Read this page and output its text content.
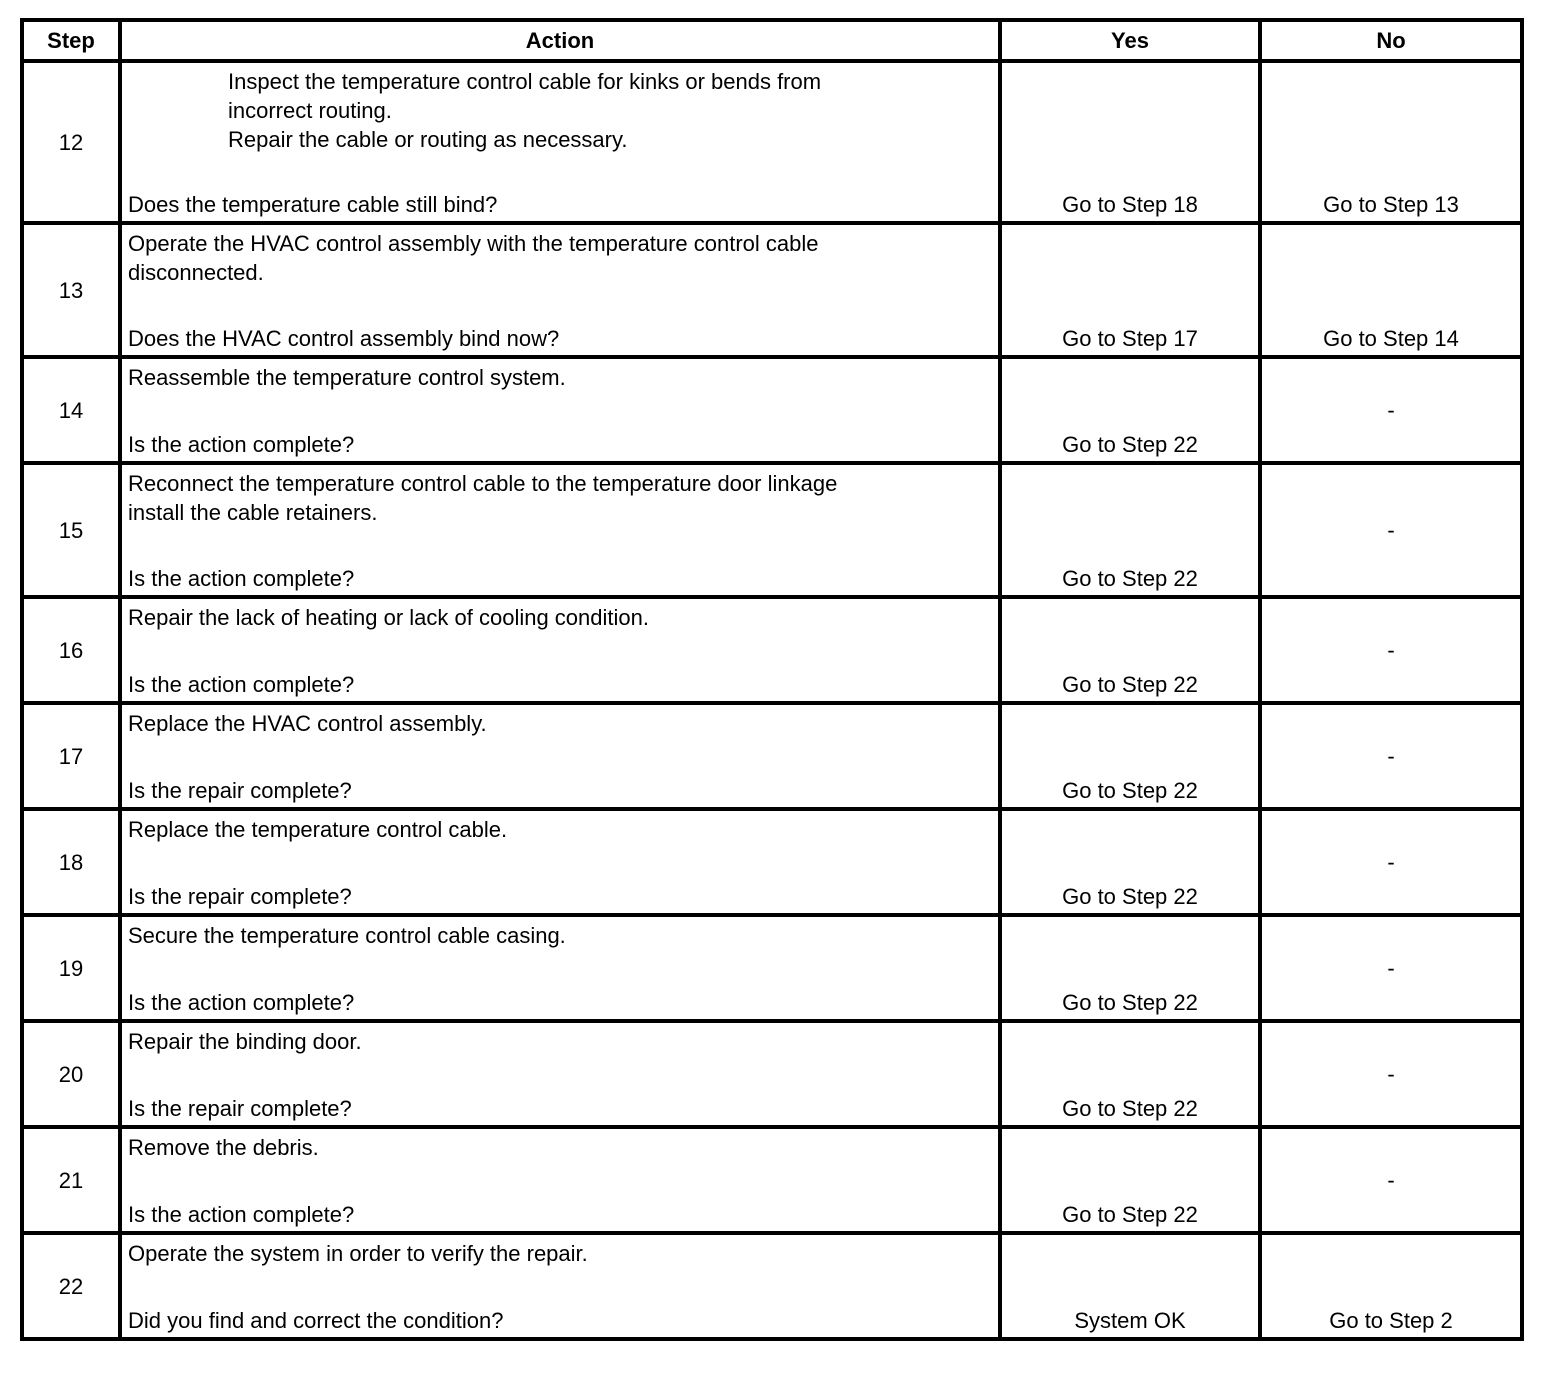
Step	Action	Yes	No
12	Inspect the temperature control cable for kinks or bends from
incorrect routing.
Repair the cable or routing as necessary.
Does the temperature cable still bind?	Go to Step 18	Go to Step 13

13	Operate the HVAC control assembly with the temperature control cable
disconnected.
Does the HVAC control assembly bind now?	Go to Step 17	Go to Step 14

14	Reassemble the temperature control system.
Is the action complete?	Go to Step 22	-

15	Reconnect the temperature control cable to the temperature door linkage
install the cable retainers.
Is the action complete?	Go to Step 22	-

16	Repair the lack of heating or lack of cooling condition.
Is the action complete?	Go to Step 22	-

17	Replace the HVAC control assembly.
Is the repair complete?	Go to Step 22	-

18	Replace the temperature control cable.
Is the repair complete?	Go to Step 22	-

19	Secure the temperature control cable casing.
Is the action complete?	Go to Step 22	-

20	Repair the binding door.
Is the repair complete?	Go to Step 22	-

21	Remove the debris.
Is the action complete?	Go to Step 22	-

22	Operate the system in order to verify the repair.
Did you find and correct the condition?	System OK	Go to Step 2
